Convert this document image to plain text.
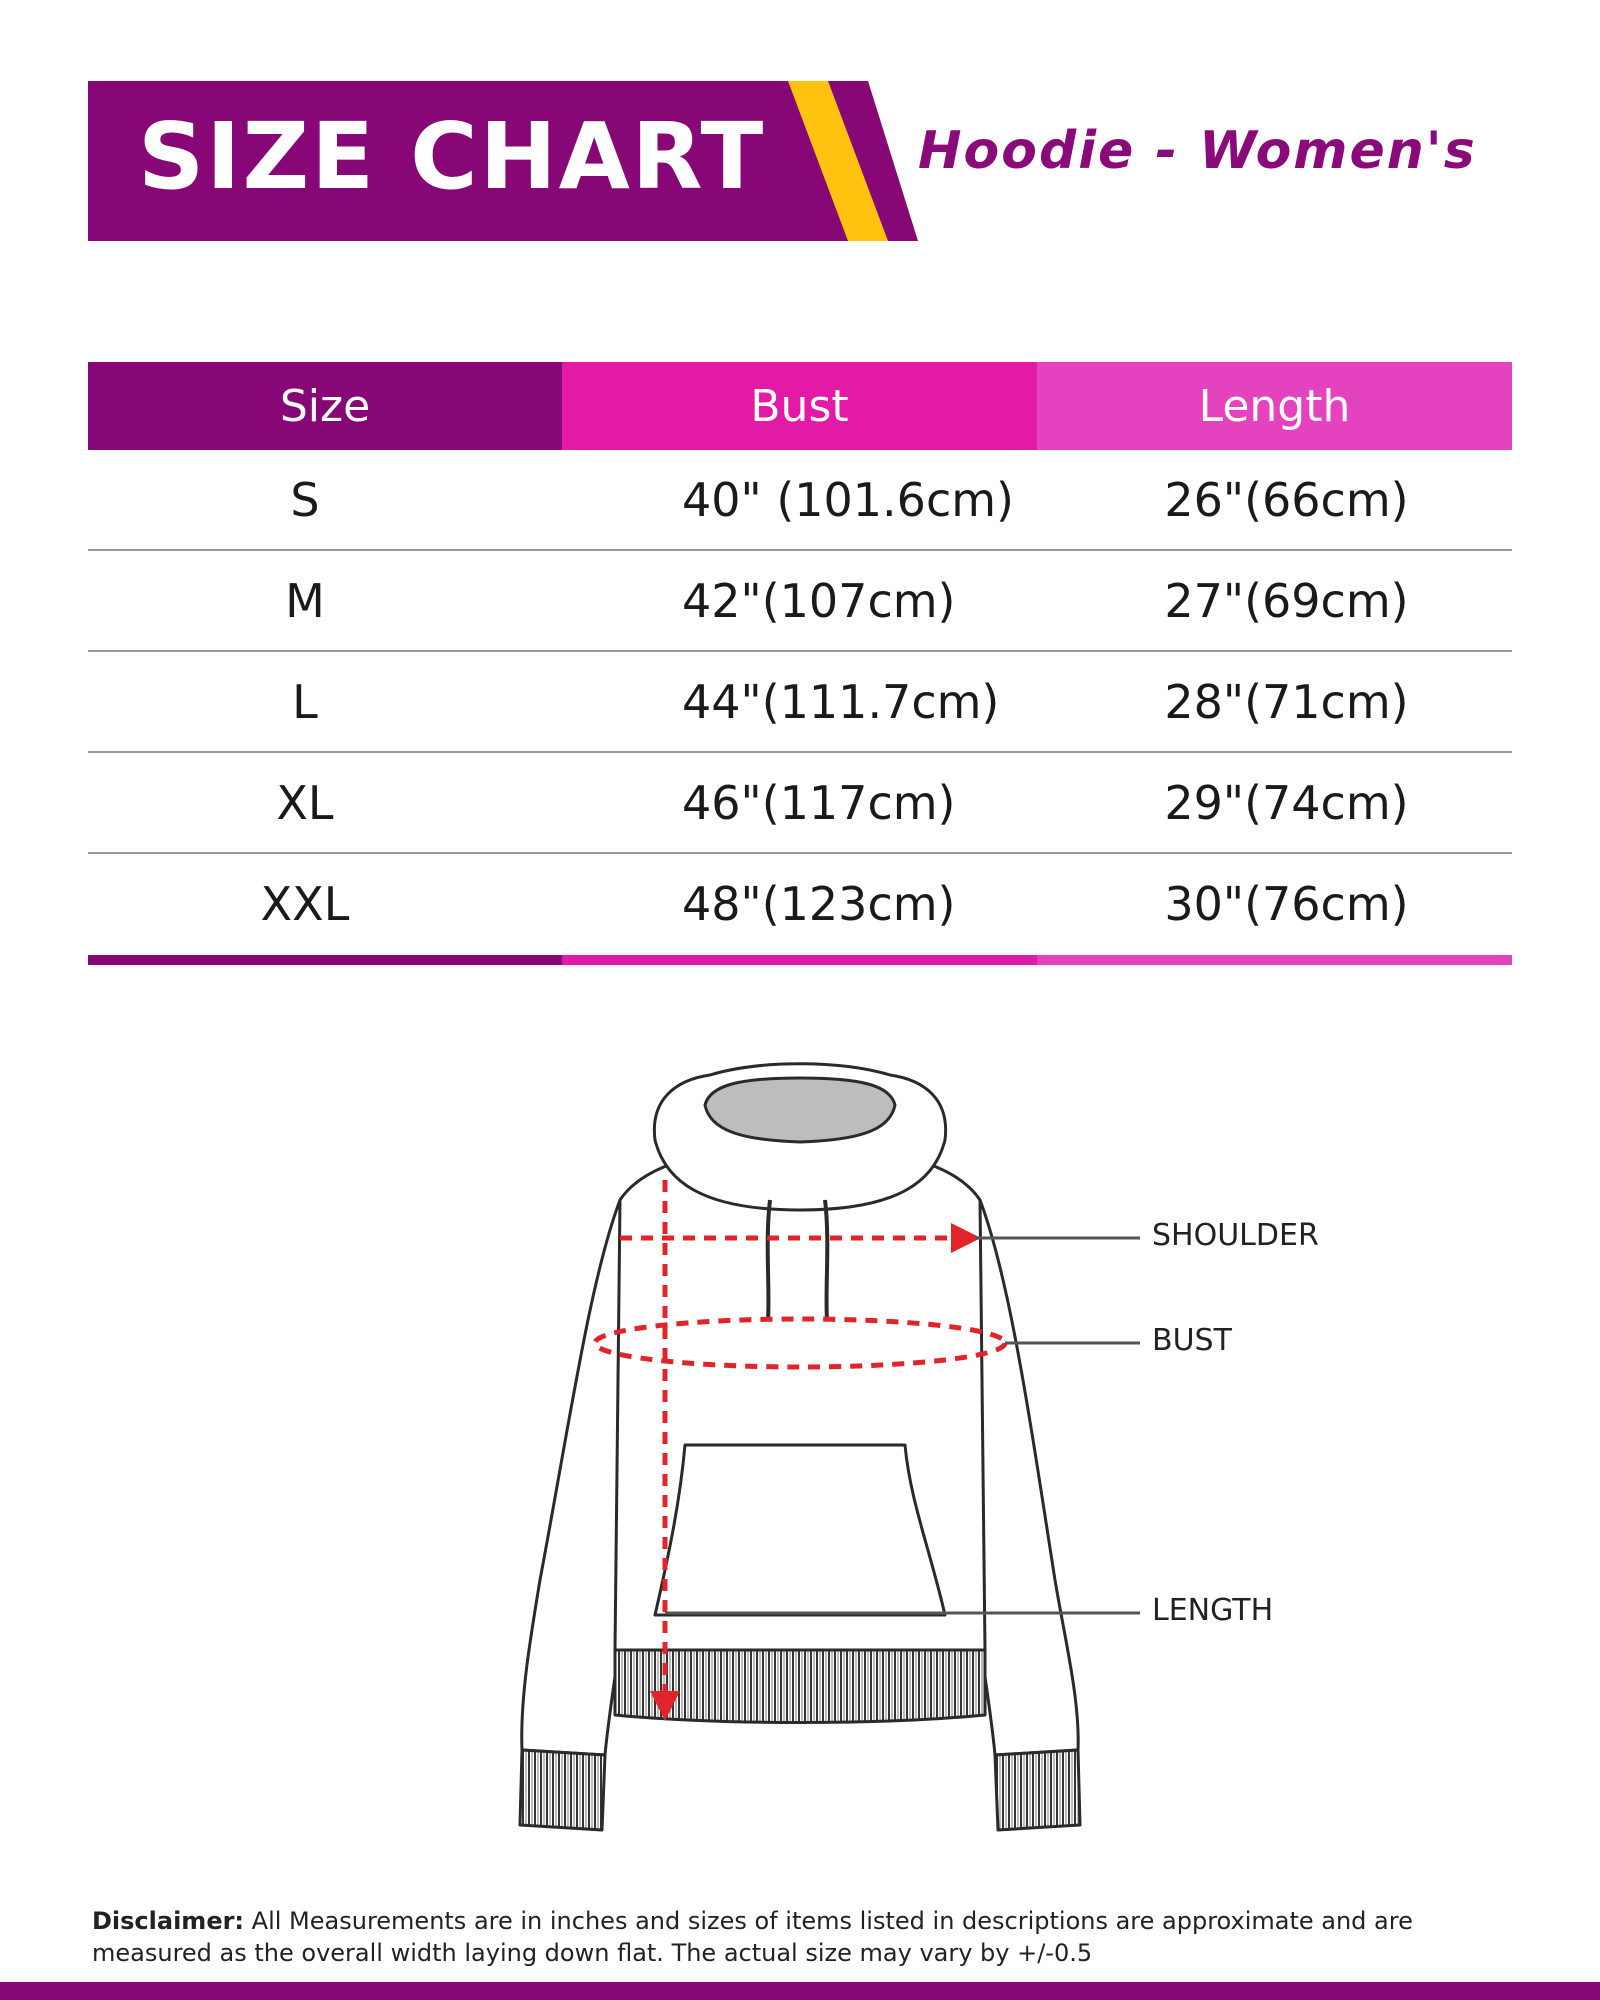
SIZE CHART	Hoodie - Women's
Size	Bust	Length
S	40" (101.6cm)	26"(66cm)
M	42"(107cm)	27"(69cm)
L	44"(111.7cm)	28"(71cm)
XL	46"(117cm)	29"(74cm)
XXL	48"(123cm)	30"(76cm)
SHOULDER
BUST
LENGTH
Disclaimer: All Measurements are in inches and sizes of items listed in descriptions are approximate and are measured as the overall width laying down flat. The actual size may vary by +/-0.5
